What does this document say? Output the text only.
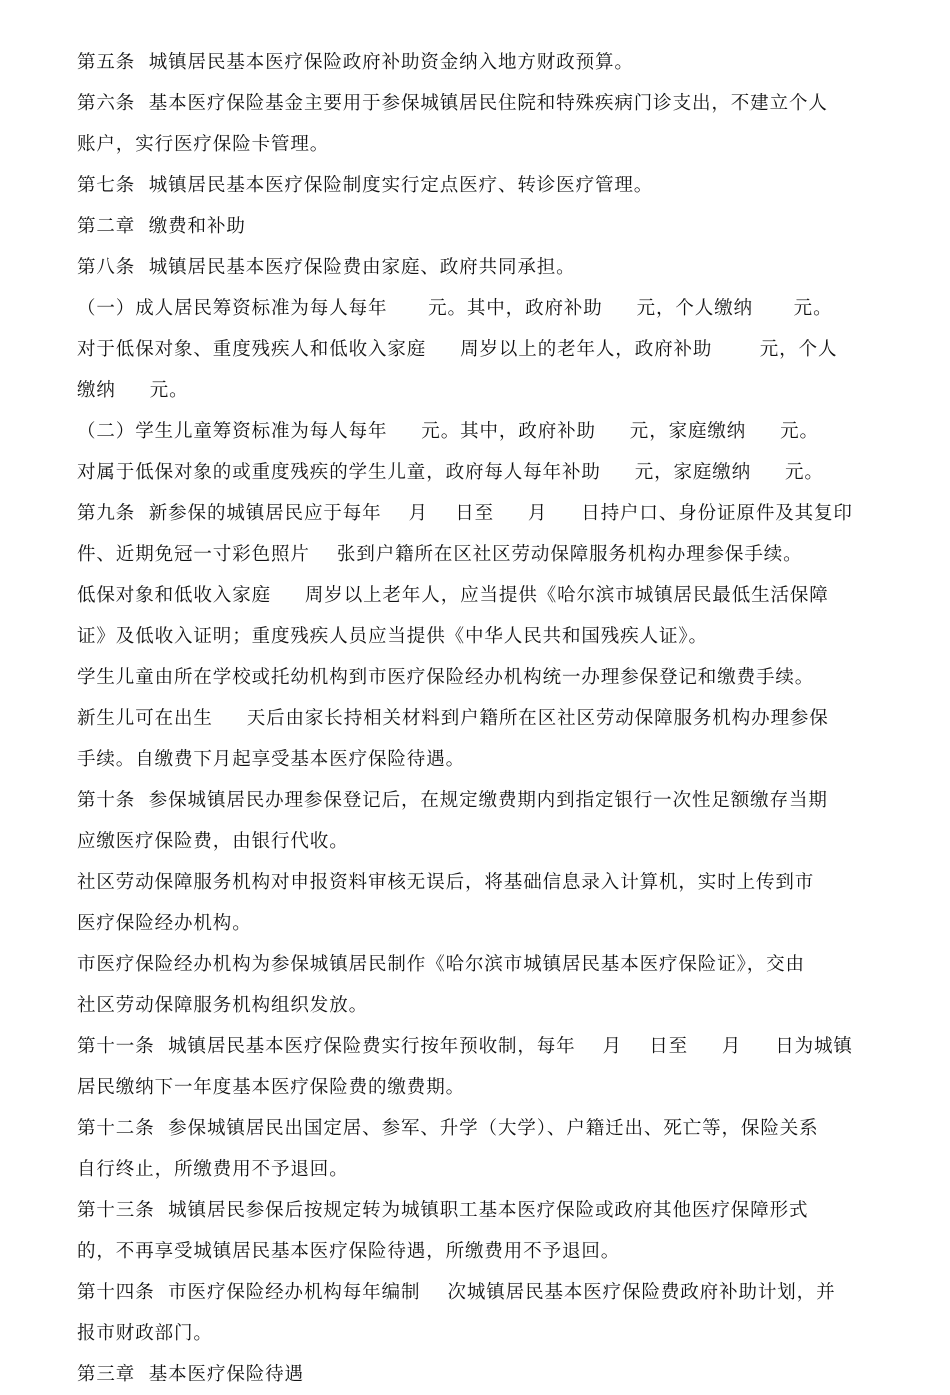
第五条  城镇居民基本医疗保险政府补助资金纳入地方财政预算。
第六条  基本医疗保险基金主要用于参保城镇居民住院和特殊疾病门诊支出，不建立个人
账户，实行医疗保险卡管理。
第七条  城镇居民基本医疗保险制度实行定点医疗、转诊医疗管理。
第二章  缴费和补助
第八条  城镇居民基本医疗保险费由家庭、政府共同承担。
（一）成人居民筹资标准为每人每年      元。其中，政府补助     元，个人缴纳      元。
对于低保对象、重度残疾人和低收入家庭     周岁以上的老年人，政府补助       元，个人
缴纳     元。
（二）学生儿童筹资标准为每人每年     元。其中，政府补助     元，家庭缴纳     元。
对属于低保对象的或重度残疾的学生儿童，政府每人每年补助     元，家庭缴纳     元。
第九条  新参保的城镇居民应于每年    月    日至     月     日持户口、身份证原件及其复印
件、近期免冠一寸彩色照片    张到户籍所在区社区劳动保障服务机构办理参保手续。
低保对象和低收入家庭     周岁以上老年人，应当提供《哈尔滨市城镇居民最低生活保障
证》及低收入证明；重度残疾人员应当提供《中华人民共和国残疾人证》。
学生儿童由所在学校或托幼机构到市医疗保险经办机构统一办理参保登记和缴费手续。
新生儿可在出生     天后由家长持相关材料到户籍所在区社区劳动保障服务机构办理参保
手续。自缴费下月起享受基本医疗保险待遇。
第十条  参保城镇居民办理参保登记后，在规定缴费期内到指定银行一次性足额缴存当期
应缴医疗保险费，由银行代收。
社区劳动保障服务机构对申报资料审核无误后，将基础信息录入计算机，实时上传到市
医疗保险经办机构。
市医疗保险经办机构为参保城镇居民制作《哈尔滨市城镇居民基本医疗保险证》，交由
社区劳动保障服务机构组织发放。
第十一条  城镇居民基本医疗保险费实行按年预收制，每年    月    日至     月     日为城镇
居民缴纳下一年度基本医疗保险费的缴费期。
第十二条  参保城镇居民出国定居、参军、升学（大学）、户籍迁出、死亡等，保险关系
自行终止，所缴费用不予退回。
第十三条  城镇居民参保后按规定转为城镇职工基本医疗保险或政府其他医疗保障形式
的，不再享受城镇居民基本医疗保险待遇，所缴费用不予退回。
第十四条  市医疗保险经办机构每年编制    次城镇居民基本医疗保险费政府补助计划，并
报市财政部门。
第三章  基本医疗保险待遇
